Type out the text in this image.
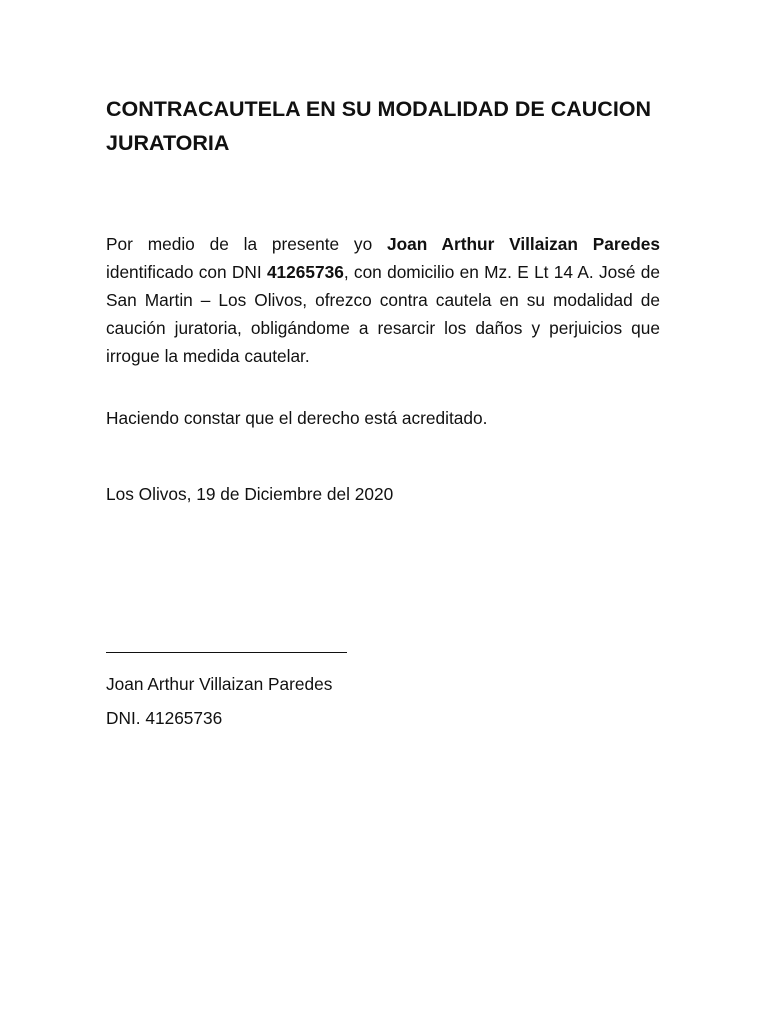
CONTRACAUTELA EN SU MODALIDAD DE CAUCION JURATORIA

Por medio de la presente yo Joan Arthur Villaizan Paredes identificado con DNI 41265736, con domicilio en Mz. E Lt 14 A. José de San Martin – Los Olivos, ofrezco contra cautela en su modalidad de caución juratoria, obligándome a resarcir los daños y perjuicios que irrogue la medida cautelar.

Haciendo constar que el derecho está acreditado.

Los Olivos, 19 de Diciembre del 2020

Joan Arthur Villaizan Paredes

DNI. 41265736
